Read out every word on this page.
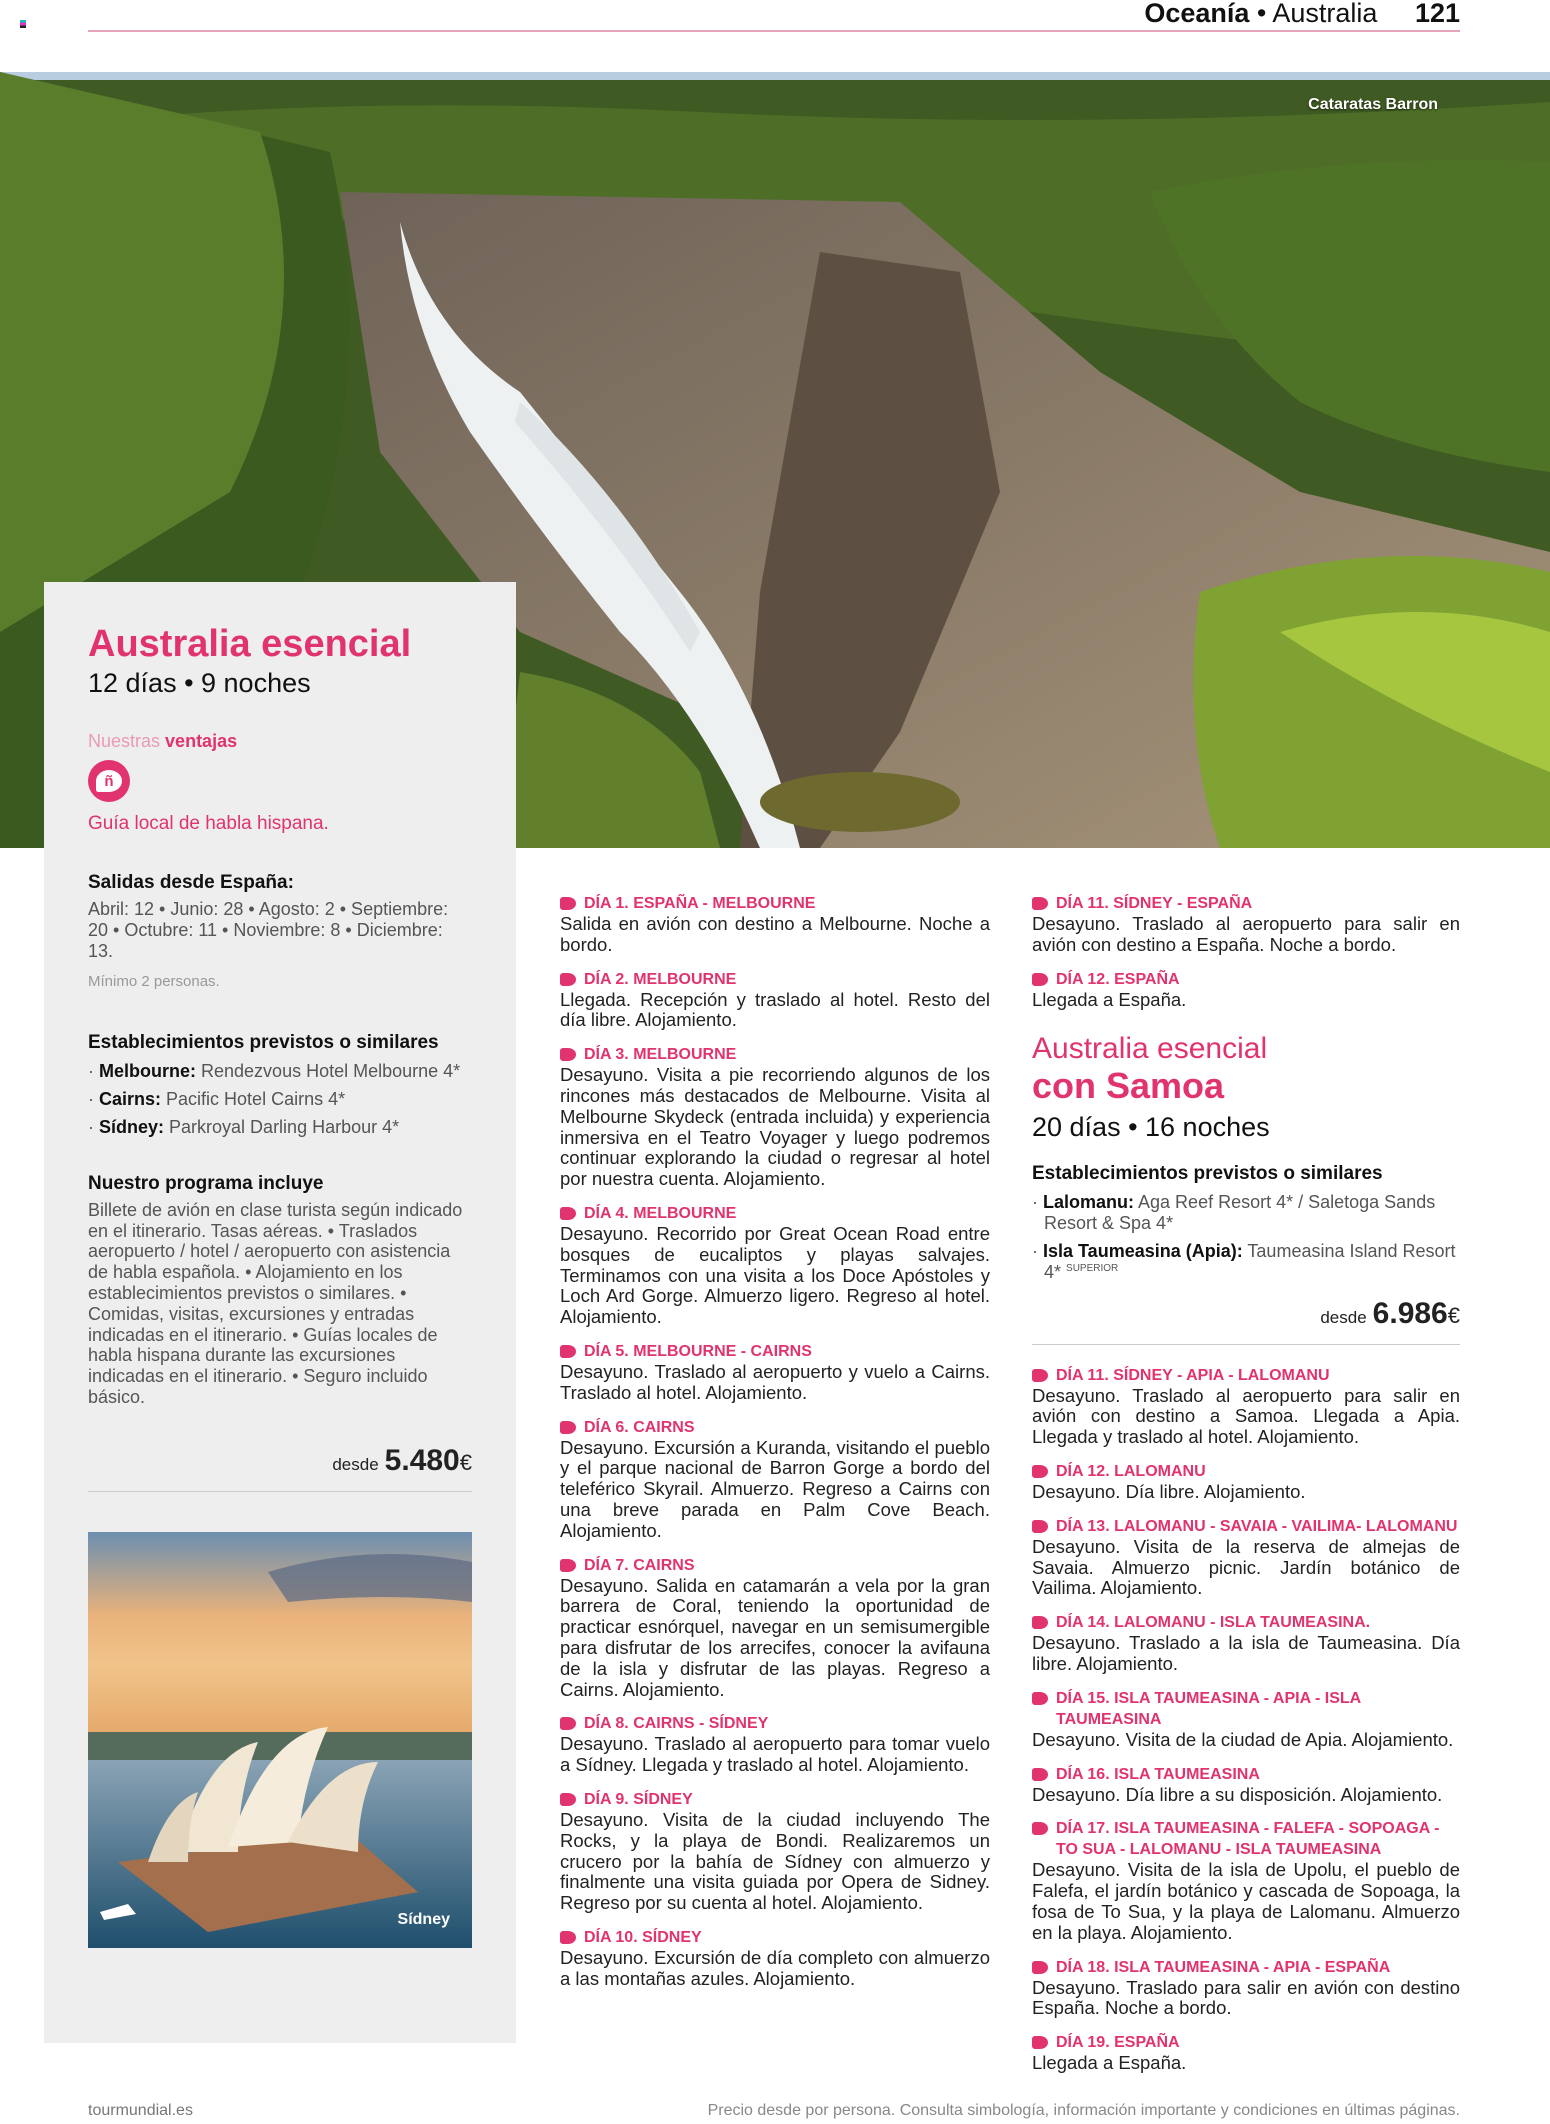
Oceanía • Australia 121
Cataratas Barron
Australia esencial
12 días • 9 noches
Nuestras ventajas
ñ
Guía local de habla hispana.
Salidas desde España:
Abril: 12 • Junio: 28 • Agosto: 2 • Septiembre: 20 • Octubre: 11 • Noviembre: 8 • Diciembre: 13.
Mínimo 2 personas.
Establecimientos previstos o similares
· Melbourne: Rendezvous Hotel Melbourne 4*
· Cairns: Pacific Hotel Cairns 4*
· Sídney: Parkroyal Darling Harbour 4*
Nuestro programa incluye
Billete de avión en clase turista según indicado en el itinerario. Tasas aéreas. • Traslados aeropuerto / hotel / aeropuerto con asistencia de habla española. • Alojamiento en los establecimientos previstos o similares. • Comidas, visitas, excursiones y entradas indicadas en el itinerario. • Guías locales de habla hispana durante las excursiones indicadas en el itinerario. • Seguro incluido básico.
desde 5.480€
Sídney
DÍA 1. ESPAÑA - MELBOURNE
Salida en avión con destino a Melbourne. Noche a bordo.
DÍA 2. MELBOURNE
Llegada. Recepción y traslado al hotel. Resto del día libre. Alojamiento.
DÍA 3. MELBOURNE
Desayuno. Visita a pie recorriendo algunos de los rincones más destacados de Melbourne. Visita al Melbourne Skydeck (entrada incluida) y experiencia inmersiva en el Teatro Voyager y luego podremos continuar explorando la ciudad o regresar al hotel por nuestra cuenta. Alojamiento.
DÍA 4. MELBOURNE
Desayuno. Recorrido por Great Ocean Road entre bosques de eucaliptos y playas salvajes. Terminamos con una visita a los Doce Apóstoles y Loch Ard Gorge. Almuerzo ligero. Regreso al hotel. Alojamiento.
DÍA 5. MELBOURNE - CAIRNS
Desayuno. Traslado al aeropuerto y vuelo a Cairns. Traslado al hotel. Alojamiento.
DÍA 6. CAIRNS
Desayuno. Excursión a Kuranda, visitando el pueblo y el parque nacional de Barron Gorge a bordo del teleférico Skyrail. Almuerzo. Regreso a Cairns con una breve parada en Palm Cove Beach. Alojamiento.
DÍA 7. CAIRNS
Desayuno. Salida en catamarán a vela por la gran barrera de Coral, teniendo la oportunidad de practicar esnórquel, navegar en un semisumergible para disfrutar de los arrecifes, conocer la avifauna de la isla y disfrutar de las playas. Regreso a Cairns. Alojamiento.
DÍA 8. CAIRNS - SÍDNEY
Desayuno. Traslado al aeropuerto para tomar vuelo a Sídney. Llegada y traslado al hotel. Alojamiento.
DÍA 9. SÍDNEY
Desayuno. Visita de la ciudad incluyendo The Rocks, y la playa de Bondi. Realizaremos un crucero por la bahía de Sídney con almuerzo y finalmente una visita guiada por Opera de Sidney. Regreso por su cuenta al hotel. Alojamiento.
DÍA 10. SÍDNEY
Desayuno. Excursión de día completo con almuerzo a las montañas azules. Alojamiento.
DÍA 11. SÍDNEY - ESPAÑA
Desayuno. Traslado al aeropuerto para salir en avión con destino a España. Noche a bordo.
DÍA 12. ESPAÑA
Llegada a España.
Australia esencial
con Samoa
20 días • 16 noches
Establecimientos previstos o similares
· Lalomanu: Aga Reef Resort 4* / Saletoga Sands Resort & Spa 4*
· Isla Taumeasina (Apia): Taumeasina Island Resort 4* $^{SUPERIOR}$
desde 6.986€
DÍA 11. SÍDNEY - APIA - LALOMANU
Desayuno. Traslado al aeropuerto para salir en avión con destino a Samoa. Llegada a Apia. Llegada y traslado al hotel. Alojamiento.
DÍA 12. LALOMANU
Desayuno. Día libre. Alojamiento.
DÍA 13. LALOMANU - SAVAIA - VAILIMA- LALOMANU
Desayuno. Visita de la reserva de almejas de Savaia. Almuerzo picnic. Jardín botánico de Vailima. Alojamiento.
DÍA 14. LALOMANU - ISLA TAUMEASINA.
Desayuno. Traslado a la isla de Taumeasina. Día libre. Alojamiento.
DÍA 15. ISLA TAUMEASINA - APIA - ISLA TAUMEASINA
Desayuno. Visita de la ciudad de Apia. Alojamiento.
DÍA 16. ISLA TAUMEASINA
Desayuno. Día libre a su disposición. Alojamiento.
DÍA 17. ISLA TAUMEASINA - FALEFA - SOPOAGA - TO SUA - LALOMANU - ISLA TAUMEASINA
Desayuno. Visita de la isla de Upolu, el pueblo de Falefa, el jardín botánico y cascada de Sopoaga, la fosa de To Sua, y la playa de Lalomanu. Almuerzo en la playa. Alojamiento.
DÍA 18. ISLA TAUMEASINA - APIA - ESPAÑA
Desayuno. Traslado para salir en avión con destino España. Noche a bordo.
DÍA 19. ESPAÑA
Llegada a España.
tourmundial.es	Precio desde por persona. Consulta simbología, información importante y condiciones en últimas páginas.
